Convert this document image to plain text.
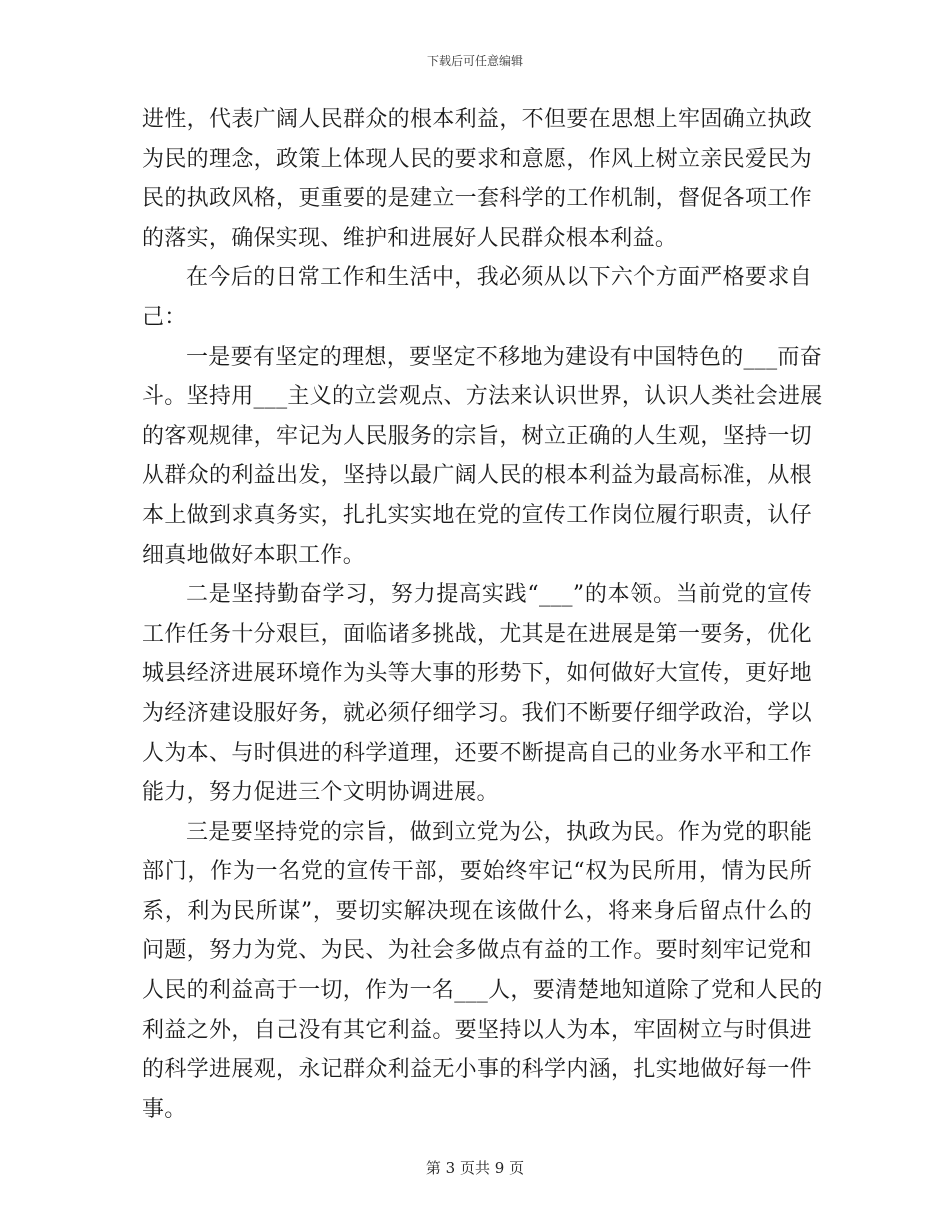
下载后可任意编辑
进性，代表广阔人民群众的根本利益，不但要在思想上牢固确立执政
为民的理念，政策上体现人民的要求和意愿，作风上树立亲民爱民为
民的执政风格，更重要的是建立一套科学的工作机制，督促各项工作
的落实，确保实现、维护和进展好人民群众根本利益。
在今后的日常工作和生活中，我必须从以下六个方面严格要求自
己：
一是要有坚定的理想，要坚定不移地为建设有中国特色的___而奋
斗。坚持用___主义的立尝观点、方法来认识世界，认识人类社会进展
的客观规律，牢记为人民服务的宗旨，树立正确的人生观，坚持一切
从群众的利益出发，坚持以最广阔人民的根本利益为最高标准，从根
本上做到求真务实，扎扎实实地在党的宣传工作岗位履行职责，认仔
细真地做好本职工作。
二是坚持勤奋学习，努力提高实践“___”的本领。当前党的宣传
工作任务十分艰巨，面临诸多挑战，尤其是在进展是第一要务，优化
城县经济进展环境作为头等大事的形势下，如何做好大宣传，更好地
为经济建设服好务，就必须仔细学习。我们不断要仔细学政治，学以
人为本、与时俱进的科学道理，还要不断提高自己的业务水平和工作
能力，努力促进三个文明协调进展。
三是要坚持党的宗旨，做到立党为公，执政为民。作为党的职能
部门，作为一名党的宣传干部，要始终牢记“权为民所用，情为民所
系，利为民所谋”，要切实解决现在该做什么，将来身后留点什么的
问题，努力为党、为民、为社会多做点有益的工作。要时刻牢记党和
人民的利益高于一切，作为一名___人，要清楚地知道除了党和人民的
利益之外，自己没有其它利益。要坚持以人为本，牢固树立与时俱进
的科学进展观，永记群众利益无小事的科学内涵，扎实地做好每一件
事。
第 3 页共 9 页
